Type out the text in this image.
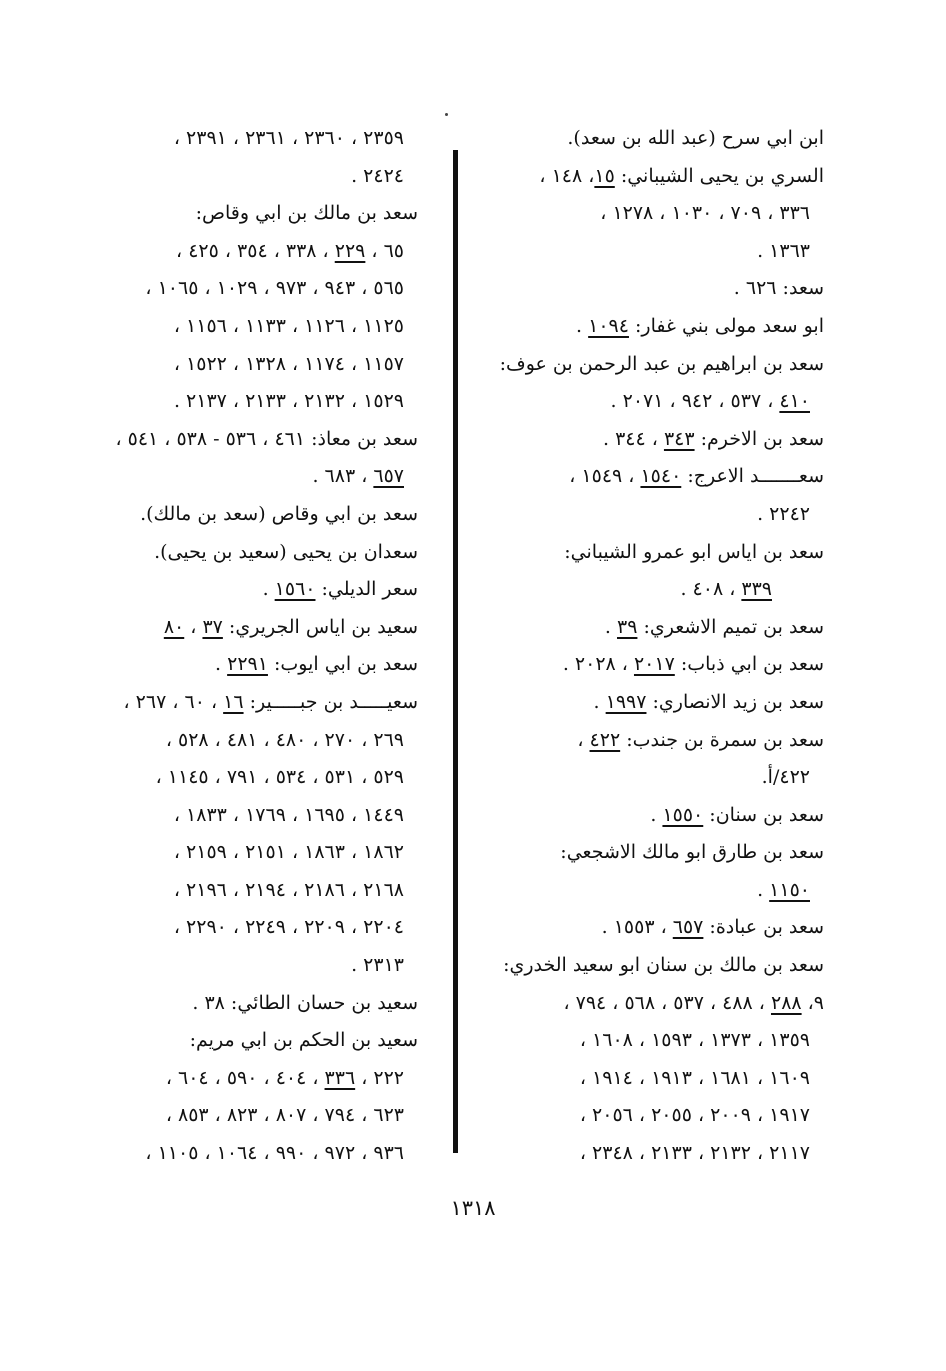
ابن ابي سرح (عبد الله بن سعد).
السري بن يحيى الشيباني: ١٥، ١٤٨ ،
٣٣٦ ، ٧٠٩ ، ١٠٣٠ ، ١٢٧٨ ،
١٣٦٣ .
سعد: ٦٢٦ .
ابو سعد مولى بني غفار: ١٠٩٤ .
سعد بن ابراهيم بن عبد الرحمن بن عوف:
٤١٠ ، ٥٣٧ ، ٩٤٢ ، ٢٠٧١ .
سعد بن الاخرم: ٣٤٣ ، ٣٤٤ .
سعـــــــد الاعرج: ١٥٤٠ ، ١٥٤٩ ،
٢٢٤٢ .
سعد بن اياس ابو عمرو الشيباني:
٣٣٩ ، ٤٠٨ .
سعد بن تميم الاشعري: ٣٩ .
سعد بن ابي ذباب: ٢٠١٧ ، ٢٠٢٨ .
سعد بن زيد الانصاري: ١٩٩٧ .
سعد بن سمرة بن جندب: ٤٢٢ ،
٤٢٢/أ.
سعد بن سنان: ١٥٥٠ .
سعد بن طارق ابو مالك الاشجعي:
١١٥٠ .
سعد بن عبادة: ٦٥٧ ، ١٥٥٣ .
سعد بن مالك بن سنان ابو سعيد الخدري:
٩، ٢٨٨ ، ٤٨٨ ، ٥٣٧ ، ٥٦٨ ، ٧٩٤ ،
١٣٥٩ ، ١٣٧٣ ، ١٥٩٣ ، ١٦٠٨ ،
١٦٠٩ ، ١٦٨١ ، ١٩١٣ ، ١٩١٤ ،
١٩١٧ ، ٢٠٠٩ ، ٢٠٥٥ ، ٢٠٥٦ ،
٢١١٧ ، ٢١٣٢ ، ٢١٣٣ ، ٢٣٤٨ ،
٢٣٥٩ ، ٢٣٦٠ ، ٢٣٦١ ، ٢٣٩١ ،
٢٤٢٤ .
سعد بن مالك بن ابي وقاص:
٦٥ ، ٢٢٩ ، ٣٣٨ ، ٣٥٤ ، ٤٢٥ ،
٥٦٥ ، ٩٤٣ ، ٩٧٣ ، ١٠٢٩ ، ١٠٦٥ ،
١١٢٥ ، ١١٢٦ ، ١١٣٣ ، ١١٥٦ ،
١١٥٧ ، ١١٧٤ ، ١٣٢٨ ، ١٥٢٢ ،
١٥٢٩ ، ٢١٣٢ ، ٢١٣٣ ، ٢١٣٧ .
سعد بن معاذ: ٤٦١ ، ٥٣٦ - ٥٣٨ ، ٥٤١ ،
٦٥٧ ، ٦٨٣ .
سعد بن ابي وقاص (سعد بن مالك).
سعدان بن يحيى (سعيد بن يحيى).
سعر الديلي: ١٥٦٠ .
سعيد بن اياس الجريري: ٣٧ ، ٨٠
سعد بن ابي ايوب: ٢٢٩١ .
سعيـــــد بن جبـــــير: ١٦ ، ٦٠ ، ٢٦٧ ،
٢٦٩ ، ٢٧٠ ، ٤٨٠ ، ٤٨١ ، ٥٢٨ ،
٥٢٩ ، ٥٣١ ، ٥٣٤ ، ٧٩١ ، ١١٤٥ ،
١٤٤٩ ، ١٦٩٥ ، ١٧٦٩ ، ١٨٣٣ ،
١٨٦٢ ، ١٨٦٣ ، ٢١٥١ ، ٢١٥٩ ،
٢١٦٨ ، ٢١٨٦ ، ٢١٩٤ ، ٢١٩٦ ،
٢٢٠٤ ، ٢٢٠٩ ، ٢٢٤٩ ، ٢٢٩٠ ،
٢٣١٣ .
سعيد بن حسان الطائي: ٣٨ .
سعيد بن الحكم بن ابي مريم:
٢٢٢ ، ٣٣٦ ، ٤٠٤ ، ٥٩٠ ، ٦٠٤ ،
٦٢٣ ، ٧٩٤ ، ٨٠٧ ، ٨٢٣ ، ٨٥٣ ،
٩٣٦ ، ٩٧٢ ، ٩٩٠ ، ١٠٦٤ ، ١١٠٥ ،
١٣١٨
